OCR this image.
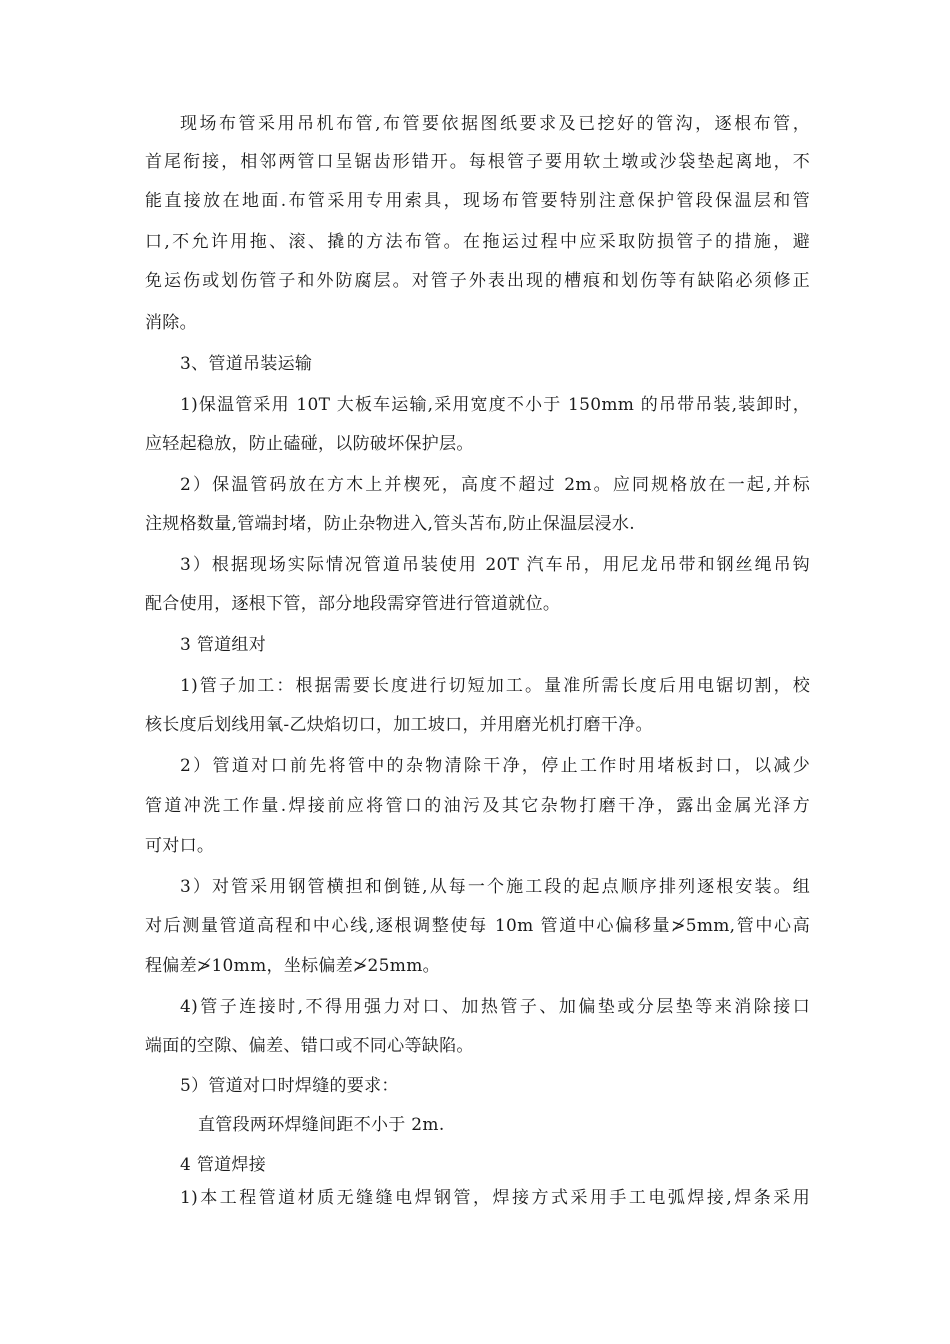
现场布管采用吊机布管,布管要依据图纸要求及已挖好的管沟，逐根布管，
首尾衔接，相邻两管口呈锯齿形错开。每根管子要用软土墩或沙袋垫起离地，不
能直接放在地面.布管采用专用索具，现场布管要特别注意保护管段保温层和管
口,不允许用拖、滚、撬的方法布管。在拖运过程中应采取防损管子的措施，避
免运伤或划伤管子和外防腐层。对管子外表出现的槽痕和划伤等有缺陷必须修正
消除。
3、管道吊装运输
1)保温管采用 10T 大板车运输,采用宽度不小于 150mm 的吊带吊装,装卸时，
应轻起稳放，防止磕碰，以防破坏保护层。
2）保温管码放在方木上并楔死，高度不超过 2m。应同规格放在一起,并标
注规格数量,管端封堵，防止杂物进入,管头苫布,防止保温层浸水.
3）根据现场实际情况管道吊装使用 20T 汽车吊，用尼龙吊带和钢丝绳吊钩
配合使用，逐根下管，部分地段需穿管进行管道就位。
3 管道组对
1)管子加工：根据需要长度进行切短加工。量准所需长度后用电锯切割，校
核长度后划线用氧-乙炔焰切口，加工坡口，并用磨光机打磨干净。
2）管道对口前先将管中的杂物清除干净，停止工作时用堵板封口，以减少
管道冲洗工作量.焊接前应将管口的油污及其它杂物打磨干净，露出金属光泽方
可对口。
3）对管采用钢管横担和倒链,从每一个施工段的起点顺序排列逐根安装。组
对后测量管道高程和中心线,逐根调整使每 10m 管道中心偏移量≯5mm,管中心高
程偏差≯10mm，坐标偏差≯25mm。
4)管子连接时,不得用强力对口、加热管子、加偏垫或分层垫等来消除接口
端面的空隙、偏差、错口或不同心等缺陷。
5）管道对口时焊缝的要求：
直管段两环焊缝间距不小于 2m.
4 管道焊接
1)本工程管道材质无缝缝电焊钢管，焊接方式采用手工电弧焊接,焊条采用
